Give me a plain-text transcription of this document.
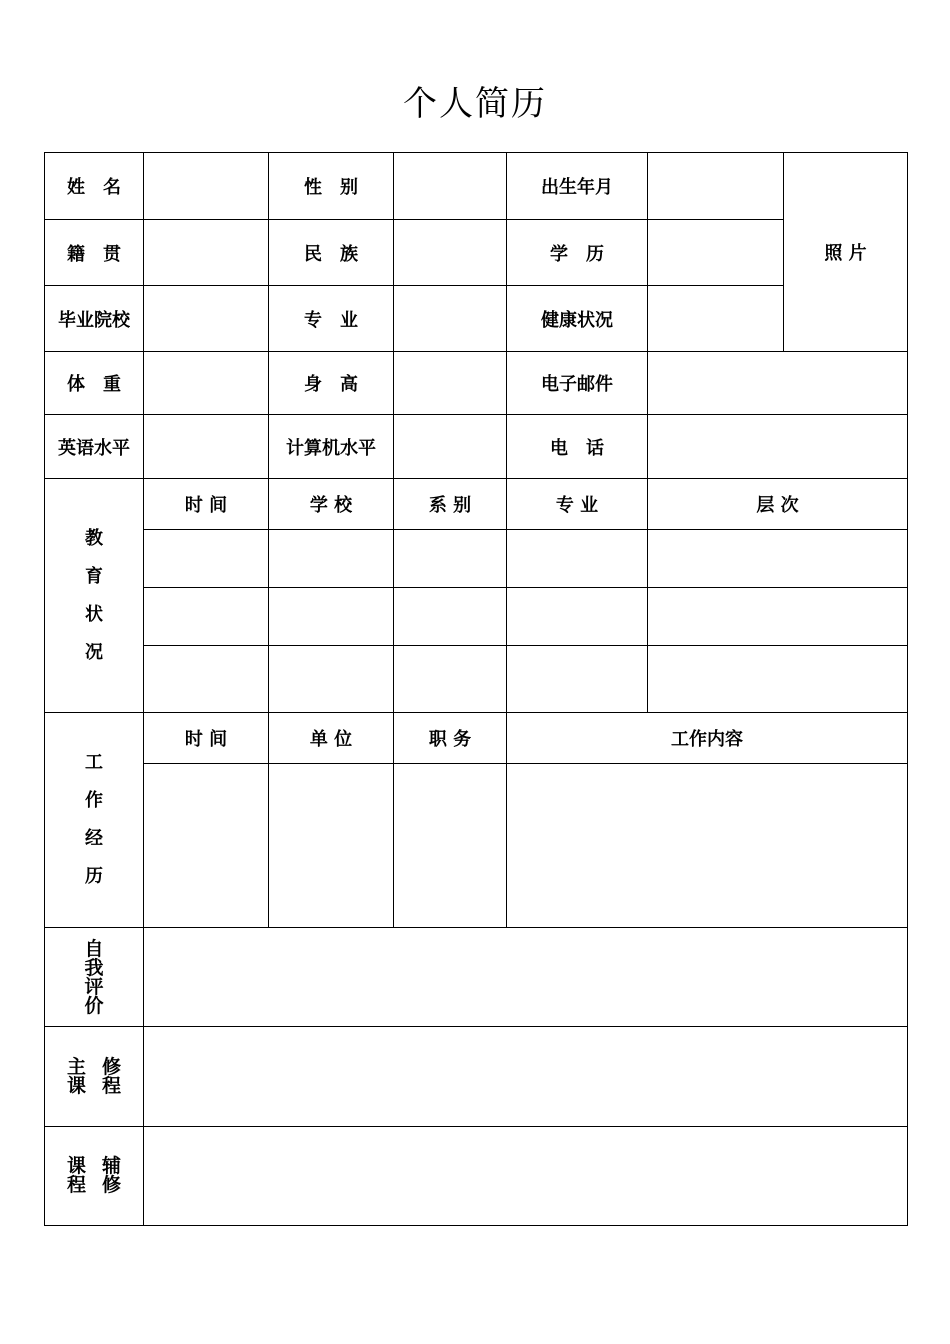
个人简历
姓　名		性　别		出生年月		照 片
籍　贯		民　族		学　历		
毕业院校		专　业		健康状况		
体　重		身　高		电子邮件		
英语水平		计算机水平		电　话		

教
育
状
况	时 间	学 校	系 别	专 业	层 次	

工
作
经
历	时 间	单 位	职 务	工作内容		

自
我
评
价						

主 修
课 程						

课 辅
程 修						
